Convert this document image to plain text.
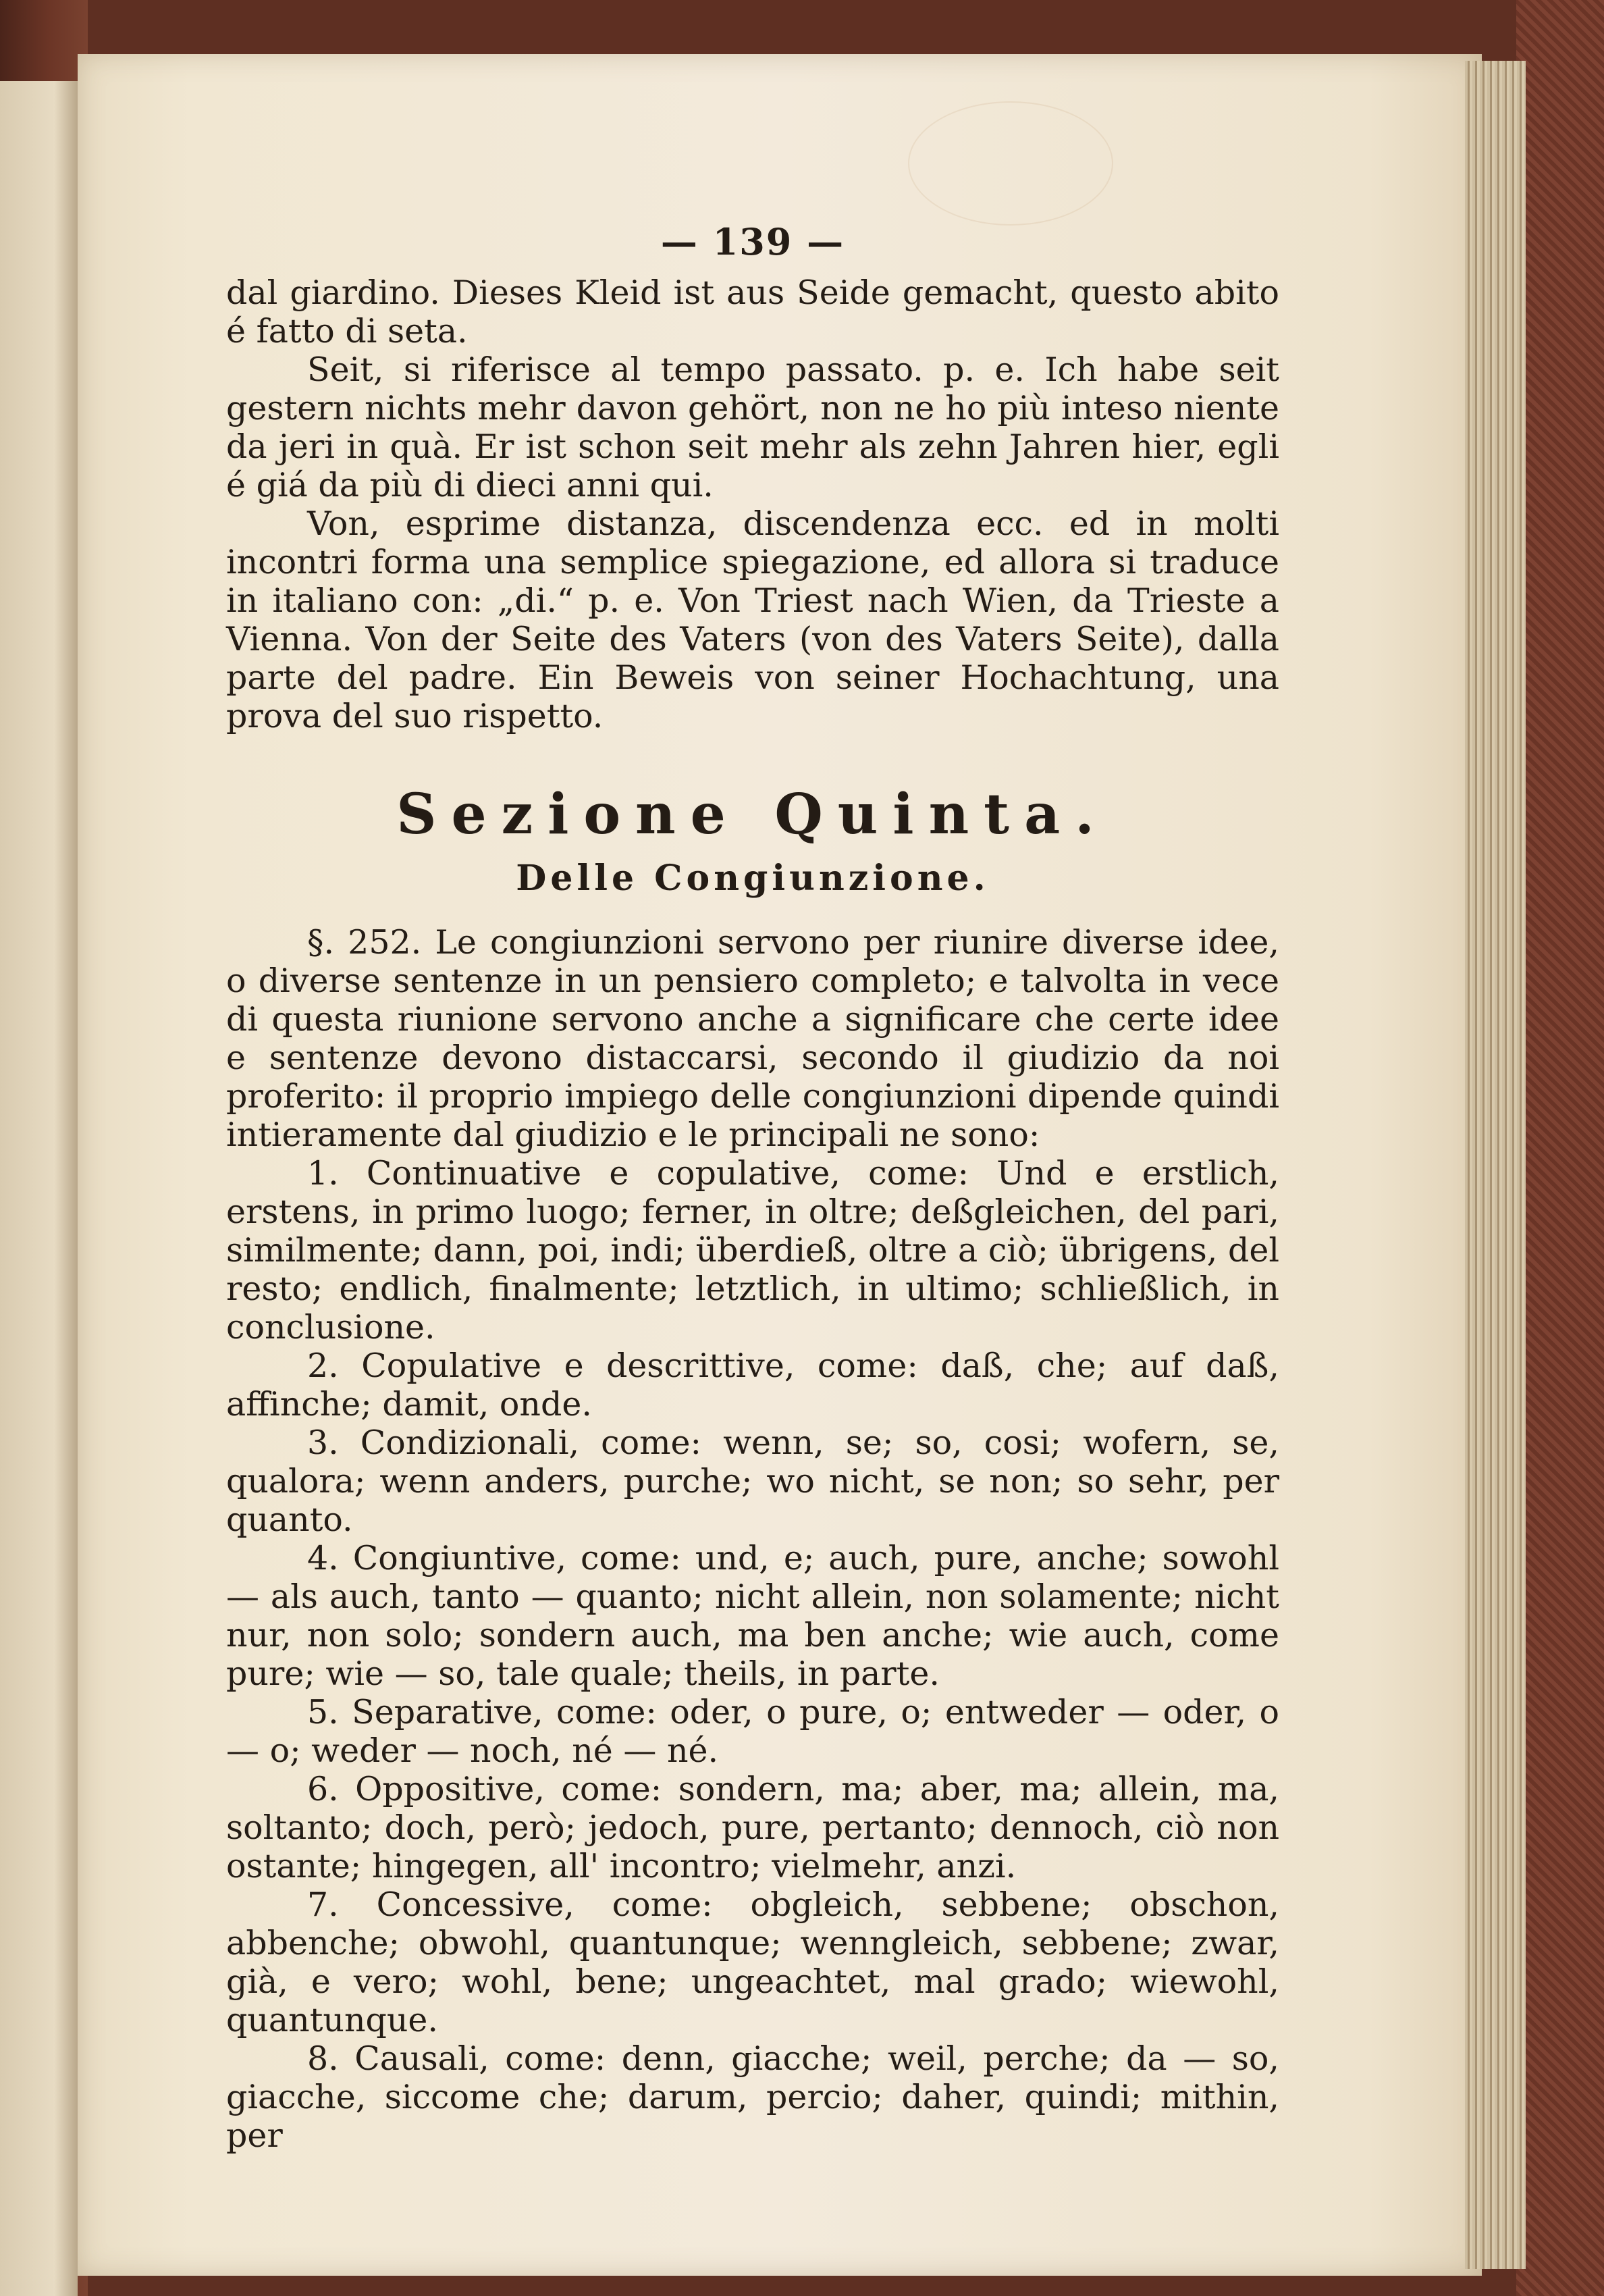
— 139 —

dal giardino. Dieses Kleid ist aus Seide gemacht, questo abito é fatto di seta.

Seit, si riferisce al tempo passato. p. e. Ich habe seit gestern nichts mehr davon gehört, non ne ho più inteso niente da jeri in quà. Er ist schon seit mehr als zehn Jahren hier, egli é giá da più di dieci anni qui.

Von, esprime distanza, discendenza ecc. ed in molti incontri forma una semplice spiegazione, ed allora si traduce in italiano con: „di.“ p. e. Von Triest nach Wien, da Trieste a Vienna. Von der Seite des Vaters (von des Vaters Seite), dalla parte del padre. Ein Beweis von seiner Hochachtung, una prova del suo rispetto.

Sezione Quinta.
Delle Congiunzione.

§. 252. Le congiunzioni servono per riunire diverse idee, o diverse sentenze in un pensiero completo; e talvolta in vece di questa riunione servono anche a significare che certe idee e sentenze devono distaccarsi, secondo il giudizio da noi proferito: il proprio impiego delle congiunzioni dipende quindi intieramente dal giudizio e le principali ne sono:

1. Continuative e copulative, come: Und e erstlich, erstens, in primo luogo; ferner, in oltre; deßgleichen, del pari, similmente; dann, poi, indi; überdieß, oltre a ciò; übrigens, del resto; endlich, finalmente; letztlich, in ultimo; schließlich, in conclusione.

2. Copulative e descrittive, come: daß, che; auf daß, affinche; damit, onde.

3. Condizionali, come: wenn, se; so, cosi; wofern, se, qualora; wenn anders, purche; wo nicht, se non; so sehr, per quanto.

4. Congiuntive, come: und, e; auch, pure, anche; sowohl — als auch, tanto — quanto; nicht allein, non solamente; nicht nur, non solo; sondern auch, ma ben anche; wie auch, come pure; wie — so, tale quale; theils, in parte.

5. Separative, come: oder, o pure, o; entweder — oder, o — o; weder — noch, né — né.

6. Oppositive, come: sondern, ma; aber, ma; allein, ma, soltanto; doch, però; jedoch, pure, pertanto; dennoch, ciò non ostante; hingegen, all' incontro; vielmehr, anzi.

7. Concessive, come: obgleich, sebbene; obschon, abbenche; obwohl, quantunque; wenngleich, sebbene; zwar, già, e vero; wohl, bene; ungeachtet, mal grado; wiewohl, quantunque.

8. Causali, come: denn, giacche; weil, perche; da — so, giacche, siccome che; darum, percio; daher, quindi; mithin, per
